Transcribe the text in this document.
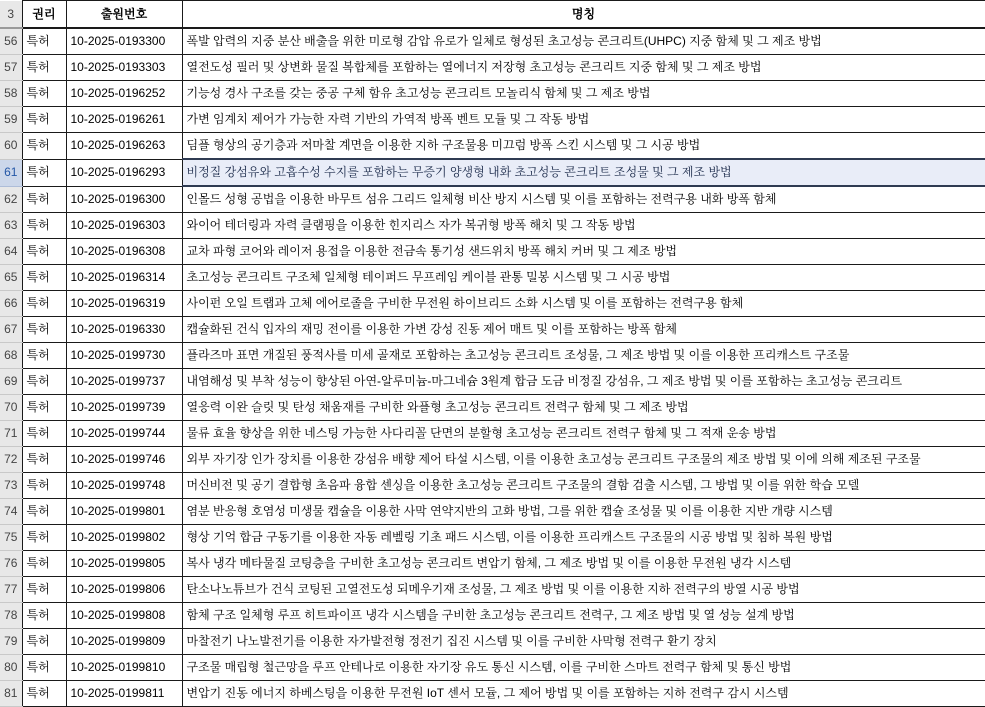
3	권리	출원번호	명칭
56	특허	10-2025-0193300	폭발 압력의 지중 분산 배출을 위한 미로형 감압 유로가 일체로 형성된 초고성능 콘크리트(UHPC) 지중 함체 및 그 제조 방법
57	특허	10-2025-0193303	열전도성 필러 및 상변화 물질 복합체를 포함하는 열에너지 저장형 초고성능 콘크리트 지중 함체 및 그 제조 방법
58	특허	10-2025-0196252	기능성 경사 구조를 갖는 중공 구체 함유 초고성능 콘크리트 모놀리식 함체 및 그 제조 방법
59	특허	10-2025-0196261	가변 임계치 제어가 가능한 자력 기반의 가역적 방폭 벤트 모듈 및 그 작동 방법
60	특허	10-2025-0196263	딤플 형상의 공기층과 저마찰 계면을 이용한 지하 구조물용 미끄럼 방폭 스킨 시스템 및 그 시공 방법
61	특허	10-2025-0196293	비정질 강섬유와 고흡수성 수지를 포함하는 무증기 양생형 내화 초고성능 콘크리트 조성물 및 그 제조 방법
62	특허	10-2025-0196300	인몰드 성형 공법을 이용한 바무트 섬유 그리드 일체형 비산 방지 시스템 및 이를 포함하는 전력구용 내화 방폭 함체
63	특허	10-2025-0196303	와이어 테더링과 자력 클램핑을 이용한 힌지리스 자가 복귀형 방폭 해치 및 그 작동 방법
64	특허	10-2025-0196308	교차 파형 코어와 레이저 용접을 이용한 전금속 통기성 샌드위치 방폭 해치 커버 및 그 제조 방법
65	특허	10-2025-0196314	초고성능 콘크리트 구조체 일체형 테이퍼드 무프레임 케이블 관통 밀봉 시스템 및 그 시공 방법
66	특허	10-2025-0196319	사이펀 오일 트랩과 고체 에어로졸을 구비한 무전원 하이브리드 소화 시스템 및 이를 포함하는 전력구용 함체
67	특허	10-2025-0196330	캡슐화된 건식 입자의 재밍 전이를 이용한 가변 강성 진동 제어 매트 및 이를 포함하는 방폭 함체
68	특허	10-2025-0199730	플라즈마 표면 개질된 풍적사를 미세 골재로 포함하는 초고성능 콘크리트 조성물, 그 제조 방법 및 이를 이용한 프리캐스트 구조물
69	특허	10-2025-0199737	내염해성 및 부착 성능이 향상된 아연-알루미늄-마그네슘 3원계 합금 도금 비정질 강섬유, 그 제조 방법 및 이를 포함하는 초고성능 콘크리트
70	특허	10-2025-0199739	열응력 이완 슬릿 및 탄성 채움재를 구비한 와플형 초고성능 콘크리트 전력구 함체 및 그 제조 방법
71	특허	10-2025-0199744	물류 효율 향상을 위한 네스팅 가능한 사다리꼴 단면의 분할형 초고성능 콘크리트 전력구 함체 및 그 적재 운송 방법
72	특허	10-2025-0199746	외부 자기장 인가 장치를 이용한 강섬유 배향 제어 타설 시스템, 이를 이용한 초고성능 콘크리트 구조물의 제조 방법 및 이에 의해 제조된 구조물
73	특허	10-2025-0199748	머신비전 및 공기 결합형 초음파 융합 센싱을 이용한 초고성능 콘크리트 구조물의 결함 검출 시스템, 그 방법 및 이를 위한 학습 모델
74	특허	10-2025-0199801	염분 반응형 호염성 미생물 캡슐을 이용한 사막 연약지반의 고화 방법, 그를 위한 캡슐 조성물 및 이를 이용한 지반 개량 시스템
75	특허	10-2025-0199802	형상 기억 합금 구동기를 이용한 자동 레벨링 기초 패드 시스템, 이를 이용한 프리캐스트 구조물의 시공 방법 및 침하 복원 방법
76	특허	10-2025-0199805	복사 냉각 메타물질 코팅층을 구비한 초고성능 콘크리트 변압기 함체, 그 제조 방법 및 이를 이용한 무전원 냉각 시스템
77	특허	10-2025-0199806	탄소나노튜브가 건식 코팅된 고열전도성 되메우기재 조성물, 그 제조 방법 및 이를 이용한 지하 전력구의 방열 시공 방법
78	특허	10-2025-0199808	함체 구조 일체형 루프 히트파이프 냉각 시스템을 구비한 초고성능 콘크리트 전력구, 그 제조 방법 및 열 성능 설계 방법
79	특허	10-2025-0199809	마찰전기 나노발전기를 이용한 자가발전형 정전기 집진 시스템 및 이를 구비한 사막형 전력구 환기 장치
80	특허	10-2025-0199810	구조물 매립형 철근망을 루프 안테나로 이용한 자기장 유도 통신 시스템, 이를 구비한 스마트 전력구 함체 및 통신 방법
81	특허	10-2025-0199811	변압기 진동 에너지 하베스팅을 이용한 무전원 IoT 센서 모듈, 그 제어 방법 및 이를 포함하는 지하 전력구 감시 시스템
